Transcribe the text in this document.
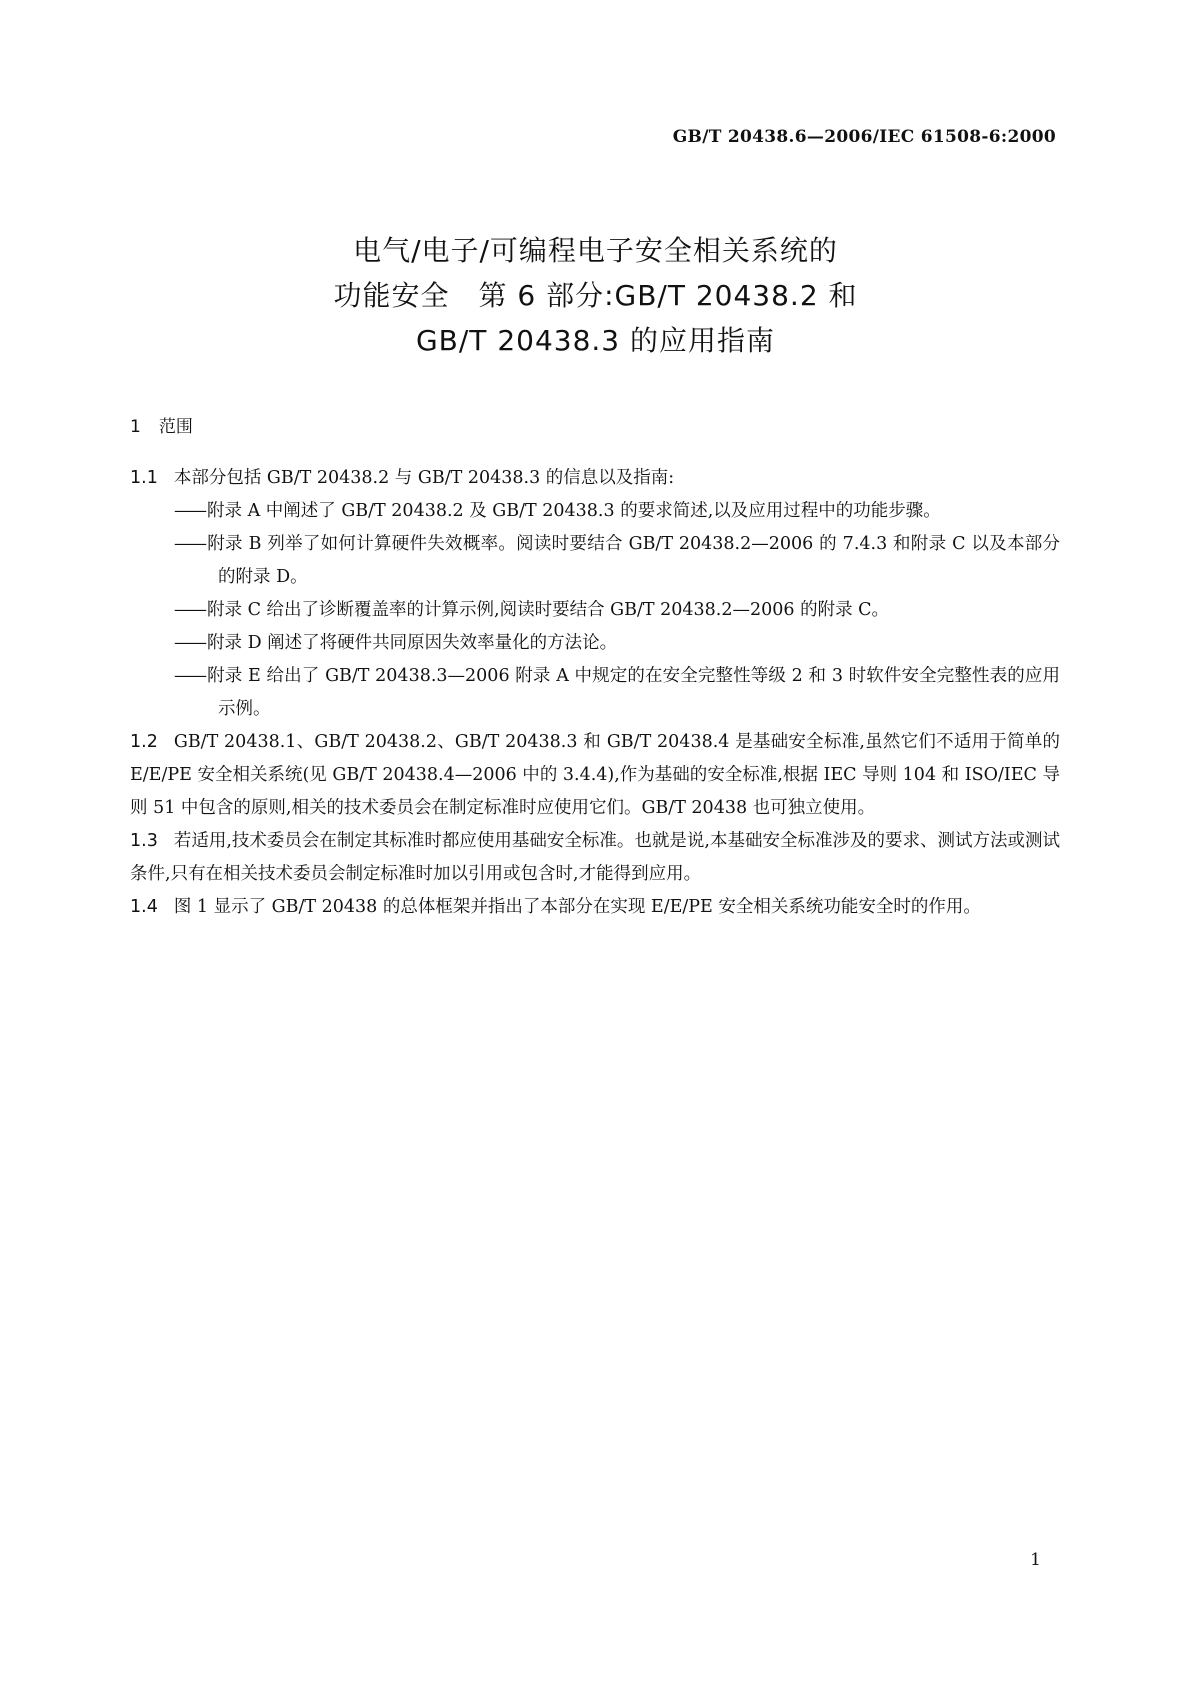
GB/T 20438.6—2006/IEC 61508-6:2000
电气/电子/可编程电子安全相关系统的
功能安全　第 6 部分:GB/T 20438.2 和
GB/T 20438.3 的应用指南
1 范围

1.1 本部分包括 GB/T 20438.2 与 GB/T 20438.3 的信息以及指南:

—— 附录 A 中阐述了 GB/T 20438.2 及 GB/T 20438.3 的要求简述,以及应用过程中的功能步骤。

—— 附录 B 列举了如何计算硬件失效概率。阅读时要结合 GB/T 20438.2—2006 的 7.4.3 和附录 C 以及本部分的附录 D。

—— 附录 C 给出了诊断覆盖率的计算示例,阅读时要结合 GB/T 20438.2—2006 的附录 C。

—— 附录 D 阐述了将硬件共同原因失效率量化的方法论。

—— 附录 E 给出了 GB/T 20438.3—2006 附录 A 中规定的在安全完整性等级 2 和 3 时软件安全完整性表的应用示例。

1.2 GB/T 20438.1、GB/T 20438.2、GB/T 20438.3 和 GB/T 20438.4 是基础安全标准,虽然它们不适用于简单的 E/E/PE 安全相关系统(见 GB/T 20438.4—2006 中的 3.4.4),作为基础的安全标准,根据 IEC 导则 104 和 ISO/IEC 导则 51 中包含的原则,相关的技术委员会在制定标准时应使用它们。GB/T 20438 也可独立使用。

1.3 若适用,技术委员会在制定其标准时都应使用基础安全标准。也就是说,本基础安全标准涉及的要求、测试方法或测试条件,只有在相关技术委员会制定标准时加以引用或包含时,才能得到应用。

1.4 图 1 显示了 GB/T 20438 的总体框架并指出了本部分在实现 E/E/PE 安全相关系统功能安全时的作用。

1
